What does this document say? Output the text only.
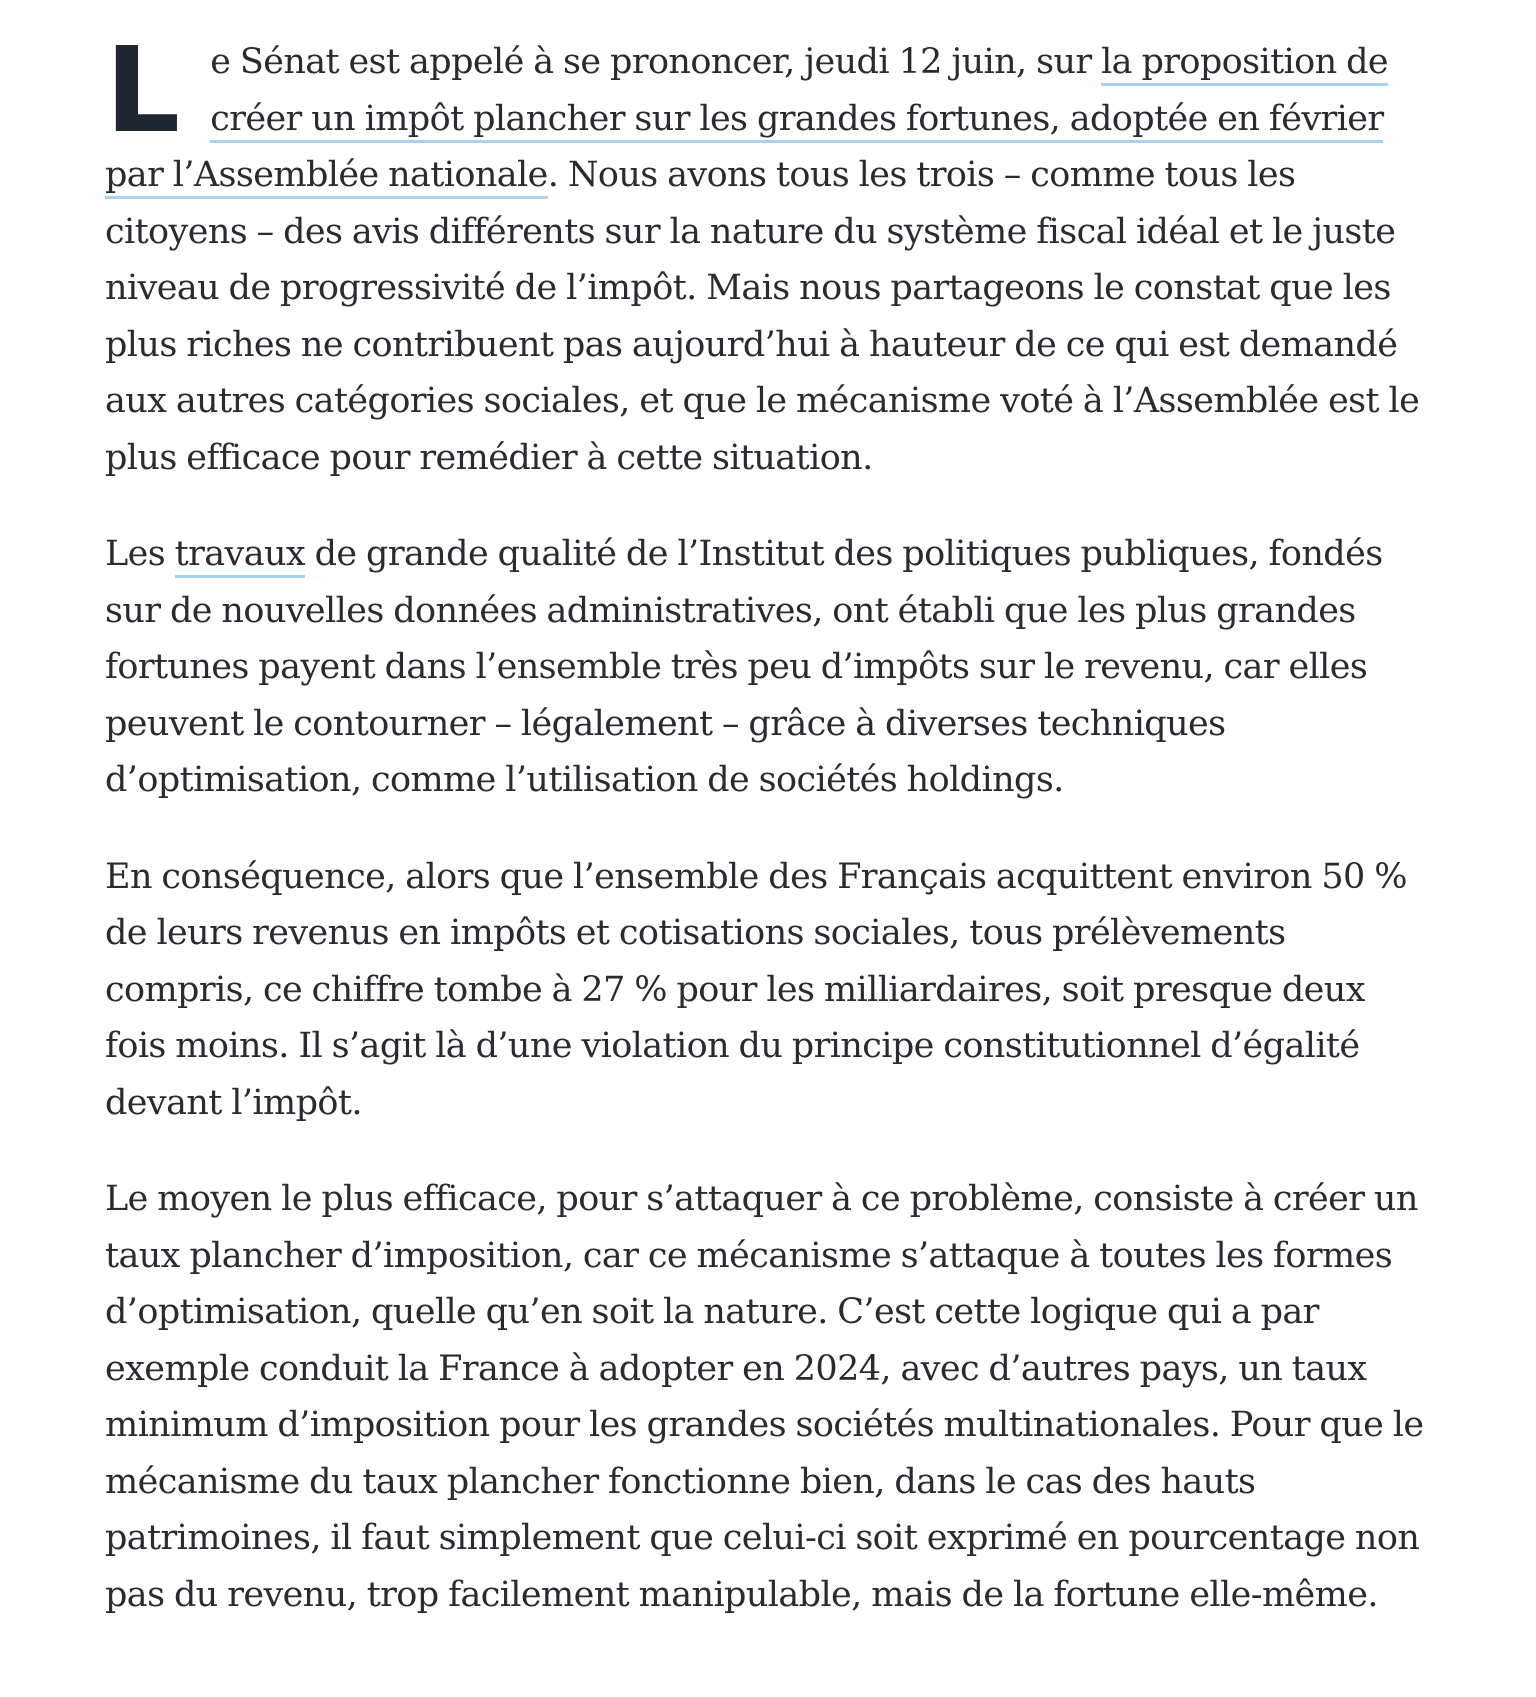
Le Sénat est appelé à se prononcer, jeudi 12 juin, sur la proposition de créer un impôt plancher sur les grandes fortunes, adoptée en février par l’Assemblée nationale. Nous avons tous les trois – comme tous les citoyens – des avis différents sur la nature du système fiscal idéal et le juste niveau de progressivité de l’impôt. Mais nous partageons le constat que les plus riches ne contribuent pas aujourd’hui à hauteur de ce qui est demandé aux autres catégories sociales, et que le mécanisme voté à l’Assemblée est le plus efficace pour remédier à cette situation.

Les travaux de grande qualité de l’Institut des politiques publiques, fondés sur de nouvelles données administratives, ont établi que les plus grandes fortunes payent dans l’ensemble très peu d’impôts sur le revenu, car elles peuvent le contourner – légalement – grâce à diverses techniques d’optimisation, comme l’utilisation de sociétés holdings.

En conséquence, alors que l’ensemble des Français acquittent environ 50 % de leurs revenus en impôts et cotisations sociales, tous prélèvements compris, ce chiffre tombe à 27 % pour les milliardaires, soit presque deux fois moins. Il s’agit là d’une violation du principe constitutionnel d’égalité devant l’impôt.

Le moyen le plus efficace, pour s’attaquer à ce problème, consiste à créer un taux plancher d’imposition, car ce mécanisme s’attaque à toutes les formes d’optimisation, quelle qu’en soit la nature. C’est cette logique qui a par exemple conduit la France à adopter en 2024, avec d’autres pays, un taux minimum d’imposition pour les grandes sociétés multinationales. Pour que le mécanisme du taux plancher fonctionne bien, dans le cas des hauts patrimoines, il faut simplement que celui-ci soit exprimé en pourcentage non pas du revenu, trop facilement manipulable, mais de la fortune elle-même.
